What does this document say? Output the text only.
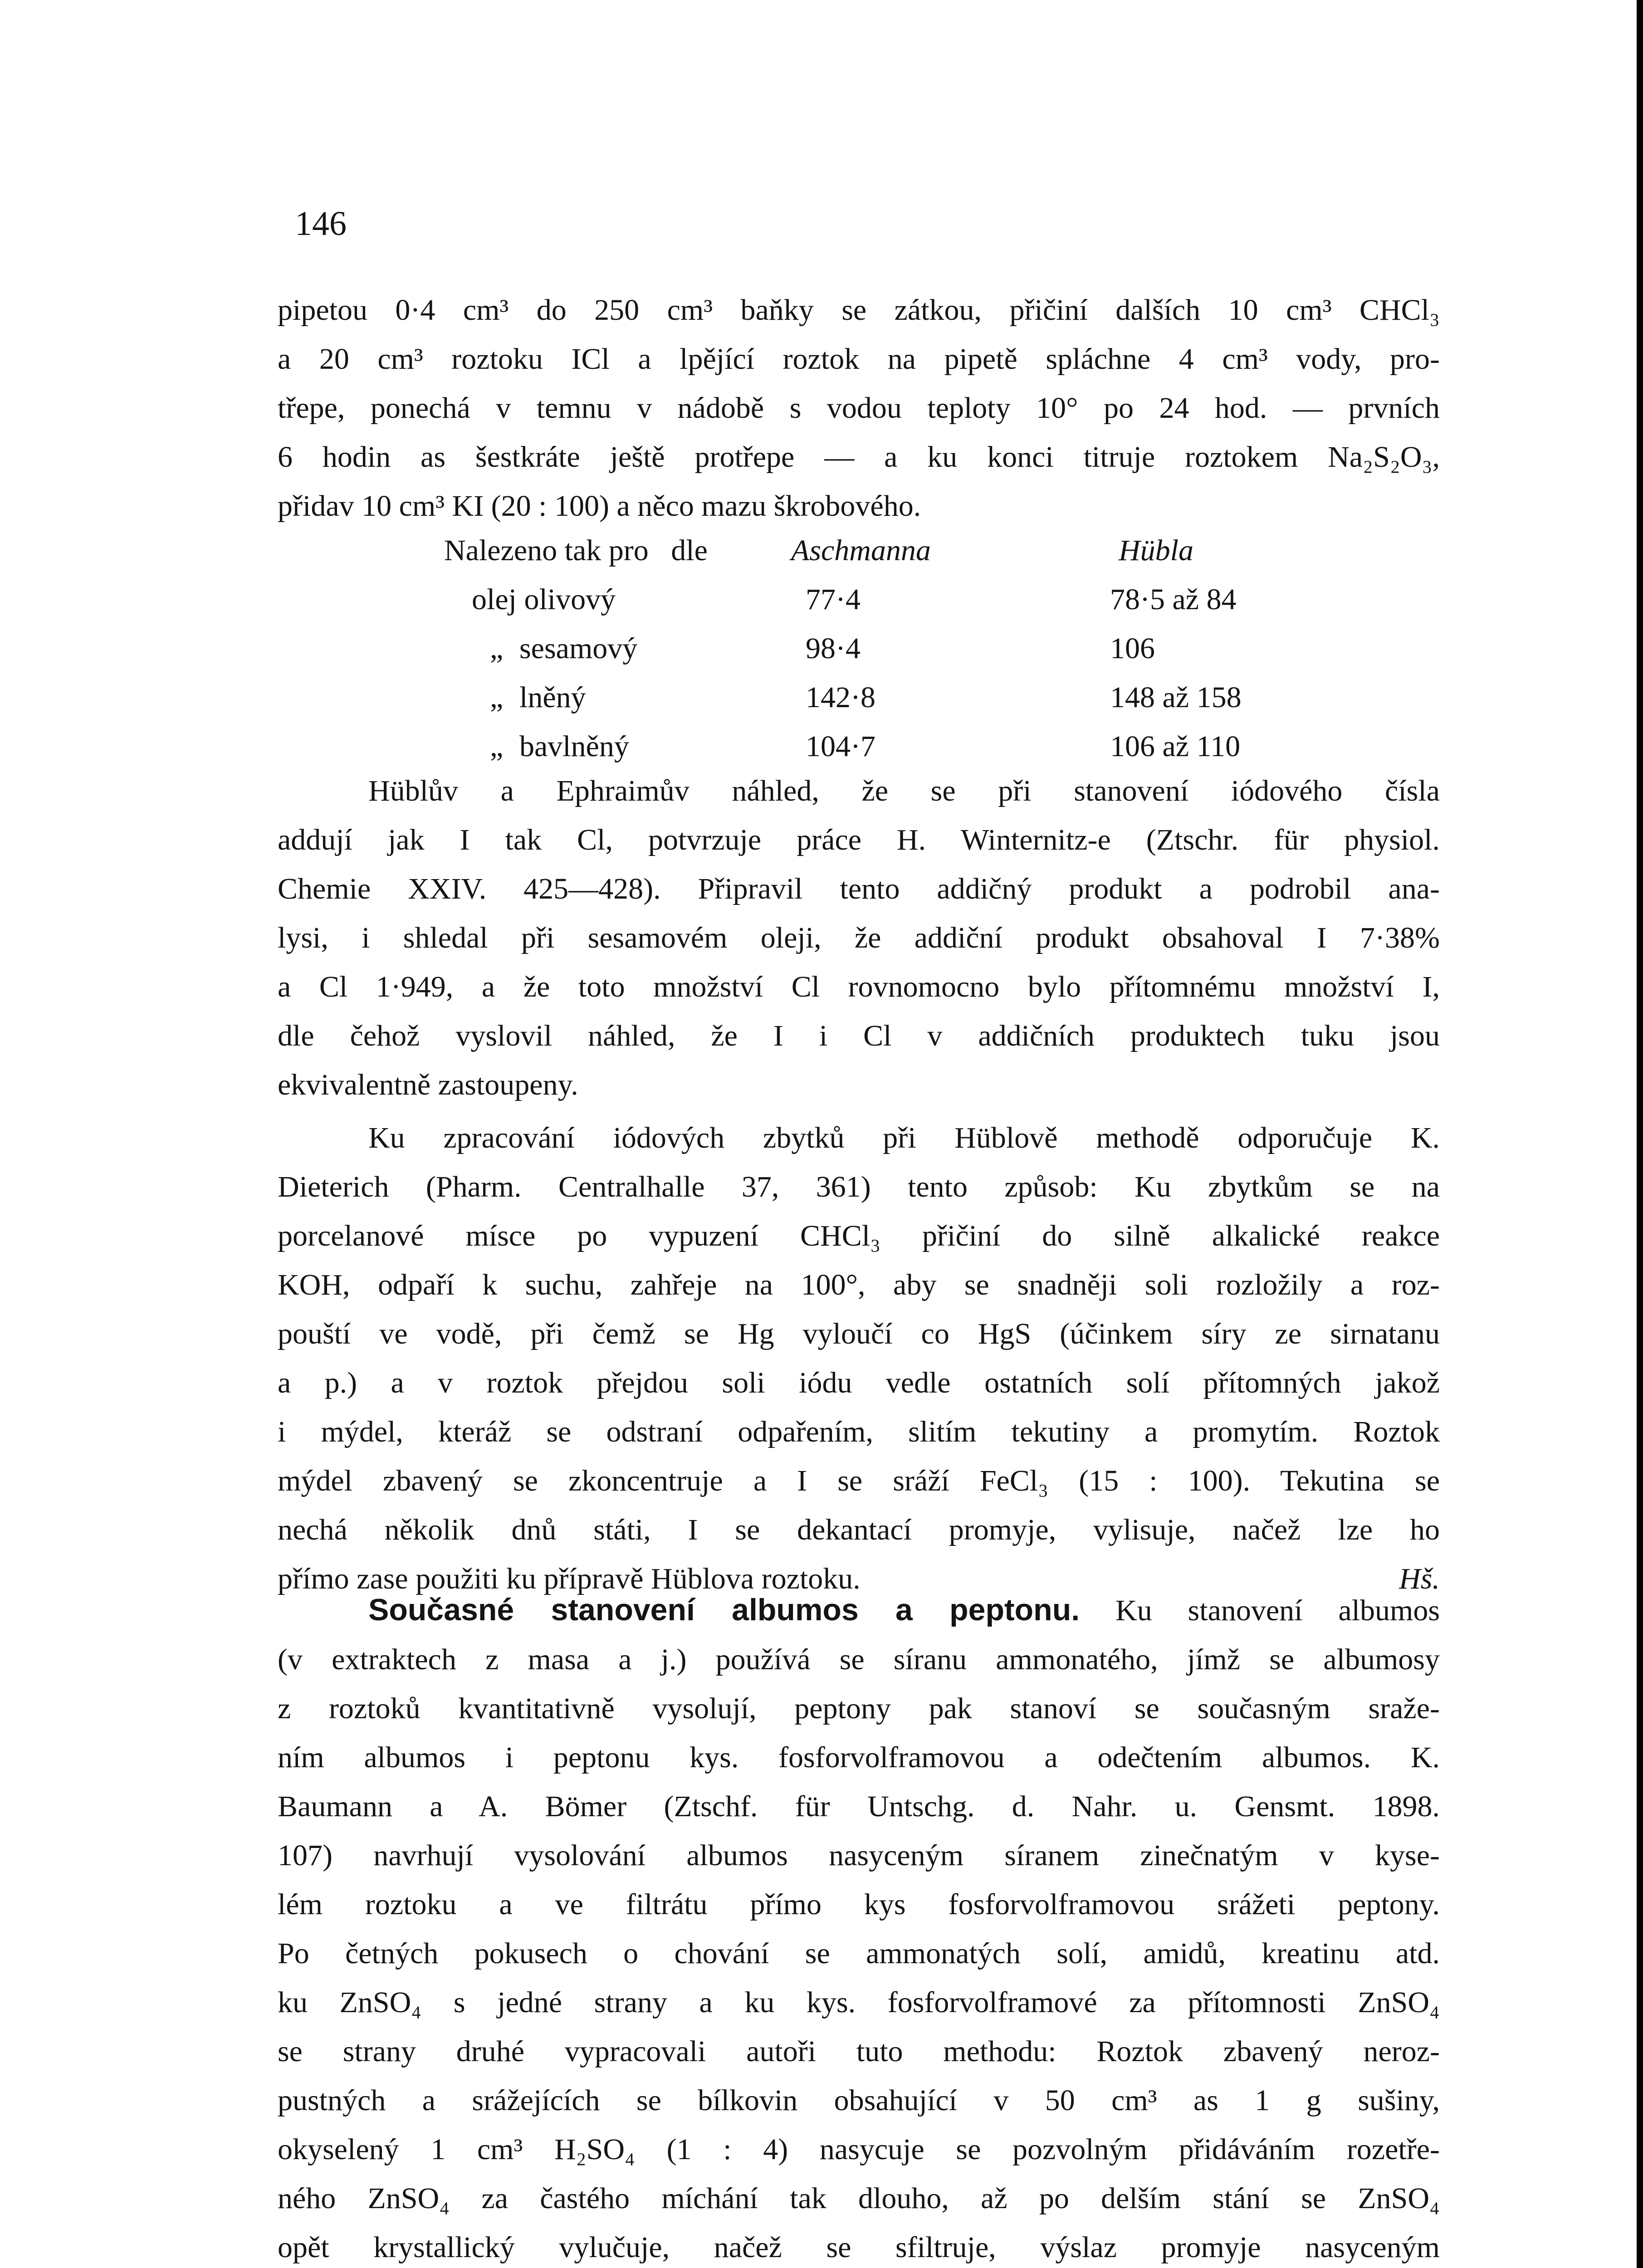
146
pipetou 0·4 cm³ do 250 cm³ baňky se zátkou, přičiní dalších 10 cm³ CHCl₃
a 20 cm³ roztoku ICl a lpějící roztok na pipetě spláchne 4 cm³ vody, pro-
třepe, ponechá v temnu v nádobě s vodou teploty 10° po 24 hod. — prvních
6 hodin as šestkráte ještě protřepe — a ku konci titruje roztokem Na₂S₂O₃,
přidav 10 cm³ KI (20 : 100) a něco mazu škrobového.
Nalezeno tak pro dle	Aschmanna	Hübla
olej olivový	77·4	78·5 až 84
„ sesamový	98·4	106
„ lněný	142·8	148 až 158
„ bavlněný	104·7	106 až 110
Hüblův a Ephraimův náhled, že se při stanovení iódového čísla
addují jak I tak Cl, potvrzuje práce H. Winternitz-e (Ztschr. für physiol.
Chemie XXIV. 425—428). Připravil tento addičný produkt a podrobil ana-
lysi, i shledal při sesamovém oleji, že addiční produkt obsahoval I 7·38%
a Cl 1·949, a že toto množství Cl rovnomocno bylo přítomnému množství I,
dle čehož vyslovil náhled, že I i Cl v addičních produktech tuku jsou
ekvivalentně zastoupeny.
Ku zpracování iódových zbytků při Hüblově methodě odporučuje K.
Dieterich (Pharm. Centralhalle 37, 361) tento způsob: Ku zbytkům se na
porcelanové mísce po vypuzení CHCl₃ přičiní do silně alkalické reakce
KOH, odpaří k suchu, zahřeje na 100°, aby se snadněji soli rozložily a roz-
pouští ve vodě, při čemž se Hg vyloučí co HgS (účinkem síry ze sirnatanu
a p.) a v roztok přejdou soli iódu vedle ostatních solí přítomných jakož
i mýdel, kteráž se odstraní odpařením, slitím tekutiny a promytím. Roztok
mýdel zbavený se zkoncentruje a I se sráží FeCl₃ (15 : 100). Tekutina se
nechá několik dnů státi, I se dekantací promyje, vylisuje, načež lze ho
přímo zase použiti ku přípravě Hüblova roztoku.	Hš.
Současné stanovení albumos a peptonu. Ku stanovení albumos
(v extraktech z masa a j.) používá se síranu ammonatého, jímž se albumosy
z roztoků kvantitativně vysolují, peptony pak stanoví se současným sraže-
ním albumos i peptonu kys. fosforvolframovou a odečtením albumos. K.
Baumann a A. Bömer (Ztschf. für Untschg. d. Nahr. u. Gensmt. 1898.
107) navrhují vysolování albumos nasyceným síranem zinečnatým v kyse-
lém roztoku a ve filtrátu přímo kys fosforvolframovou srážeti peptony.
Po četných pokusech o chování se ammonatých solí, amidů, kreatinu atd.
ku ZnSO₄ s jedné strany a ku kys. fosforvolframové za přítomnosti ZnSO₄
se strany druhé vypracovali autoři tuto methodu: Roztok zbavený neroz-
pustných a srážejících se bílkovin obsahující v 50 cm³ as 1 g sušiny,
okyselený 1 cm³ H₂SO₄ (1 : 4) nasycuje se pozvolným přidáváním rozetře-
ného ZnSO₄ za častého míchání tak dlouho, až po delším stání se ZnSO₄
opět krystallický vylučuje, načež se sfiltruje, výslaz promyje nasyceným
